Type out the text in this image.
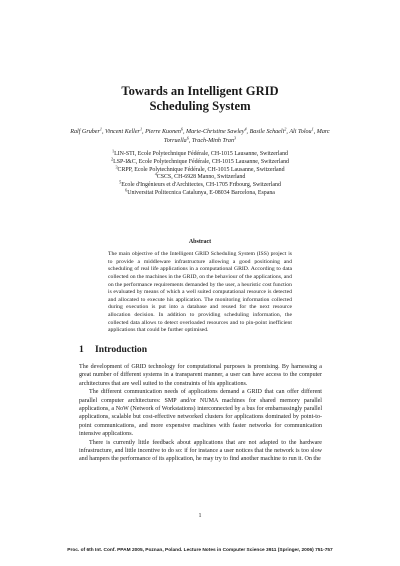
Towards an Intelligent GRID
Scheduling System
Ralf Gruber$^1$, Vincent Keller$^1$, Pierre Kuonen$^6$, Marie-Christine Sawley$^4$, Basile Schaeli$^2$, Ali Tolou$^1$, Marc Torruella$^6$, Trach-Minh Tran$^3$
$^1$LIN-STI, Ecole Polytechnique Fédérale, CH-1015 Lausanne, Switzerland
$^2$LSP-I&C, Ecole Polytechnique Fédérale, CH-1015 Lausanne, Switzerland
$^3$CRPP, Ecole Polytechnique Fédérale, CH-1015 Lausanne, Switzerland
$^4$CSCS, CH-6928 Manno, Switzerland
$^5$Ecole d'Ingénieurs et d'Architectes, CH-1705 Fribourg, Switzerland
$^6$Universitat Politecnica Catalunya, E-08034 Barcelona, Espana
Abstract
The main objective of the Intelligent GRID Scheduling System (ISS) project is to provide a middleware infrastructure allowing a good positioning and scheduling of real life applications in a computational GRID. According to data collected on the machines in the GRID, on the behaviour of the applications, and on the performance requirements demanded by the user, a heuristic cost function is evaluated by means of which a well suited computational resource is detected and allocated to execute his application. The monitoring information collected during execution is put into a database and reused for the next resource allocation decision. In addition to providing scheduling information, the collected data allows to detect overloaded resources and to pin-point inefficient applications that could be further optimised.
1 Introduction

The development of GRID technology for computational purposes is promising. By harnessing a great number of different systems in a transparent manner, a user can have access to the computer architectures that are well suited to the constraints of his applications.

The different communication needs of applications demand a GRID that can offer different parallel computer architectures: SMP and/or NUMA machines for shared memory parallel applications, a NoW (Network of Workstations) interconnected by a bus for embarrassingly parallel applications, scalable but cost-effective networked clusters for applications dominated by point-to-point communications, and more expensive machines with faster networks for communication intensive applications.

There is currently little feedback about applications that are not adapted to the hardware infrastructure, and little incentive to do so: if for instance a user notices that the network is too slow and hampers the performance of its application, he may try to find another machine to run it. On the

1
Proc. of 6th Int. Conf. PPAM 2005, Poznan, Poland. Lecture Notes in Computer Science 3911 (Springer, 2006) 751-757
